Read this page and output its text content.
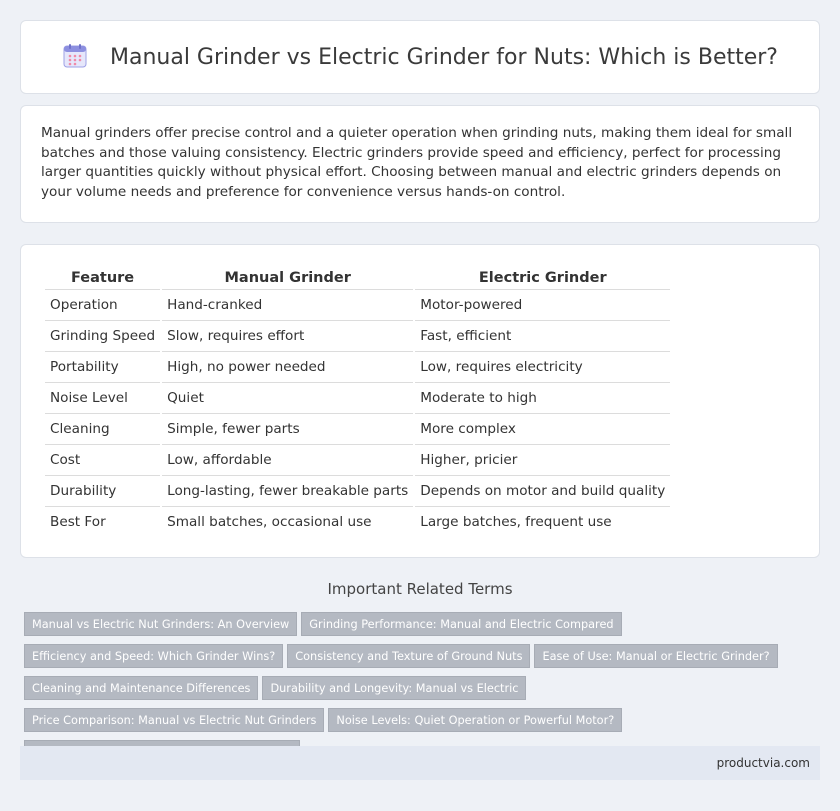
Manual Grinder vs Electric Grinder for Nuts: Which is Better?

Manual grinders offer precise control and a quieter operation when grinding nuts, making them ideal for small batches and those valuing consistency. Electric grinders provide speed and efficiency, perfect for processing larger quantities quickly without physical effort. Choosing between manual and electric grinders depends on your volume needs and preference for convenience versus hands-on control.

Feature	Manual Grinder	Electric Grinder
Operation	Hand-cranked	Motor-powered
Grinding Speed	Slow, requires effort	Fast, efficient
Portability	High, no power needed	Low, requires electricity
Noise Level	Quiet	Moderate to high
Cleaning	Simple, fewer parts	More complex
Cost	Low, affordable	Higher, pricier
Durability	Long-lasting, fewer breakable parts	Depends on motor and build quality
Best For	Small batches, occasional use	Large batches, frequent use
Important Related Terms
Manual vs Electric Nut Grinders: An Overview Grinding Performance: Manual and Electric ComparedEfficiency and Speed: Which Grinder Wins? Consistency and Texture of Ground Nuts Ease of Use: Manual or Electric Grinder?Cleaning and Maintenance Differences Durability and Longevity: Manual vs ElectricPrice Comparison: Manual vs Electric Nut Grinders Noise Levels: Quiet Operation or Powerful Motor?
productvia.com
